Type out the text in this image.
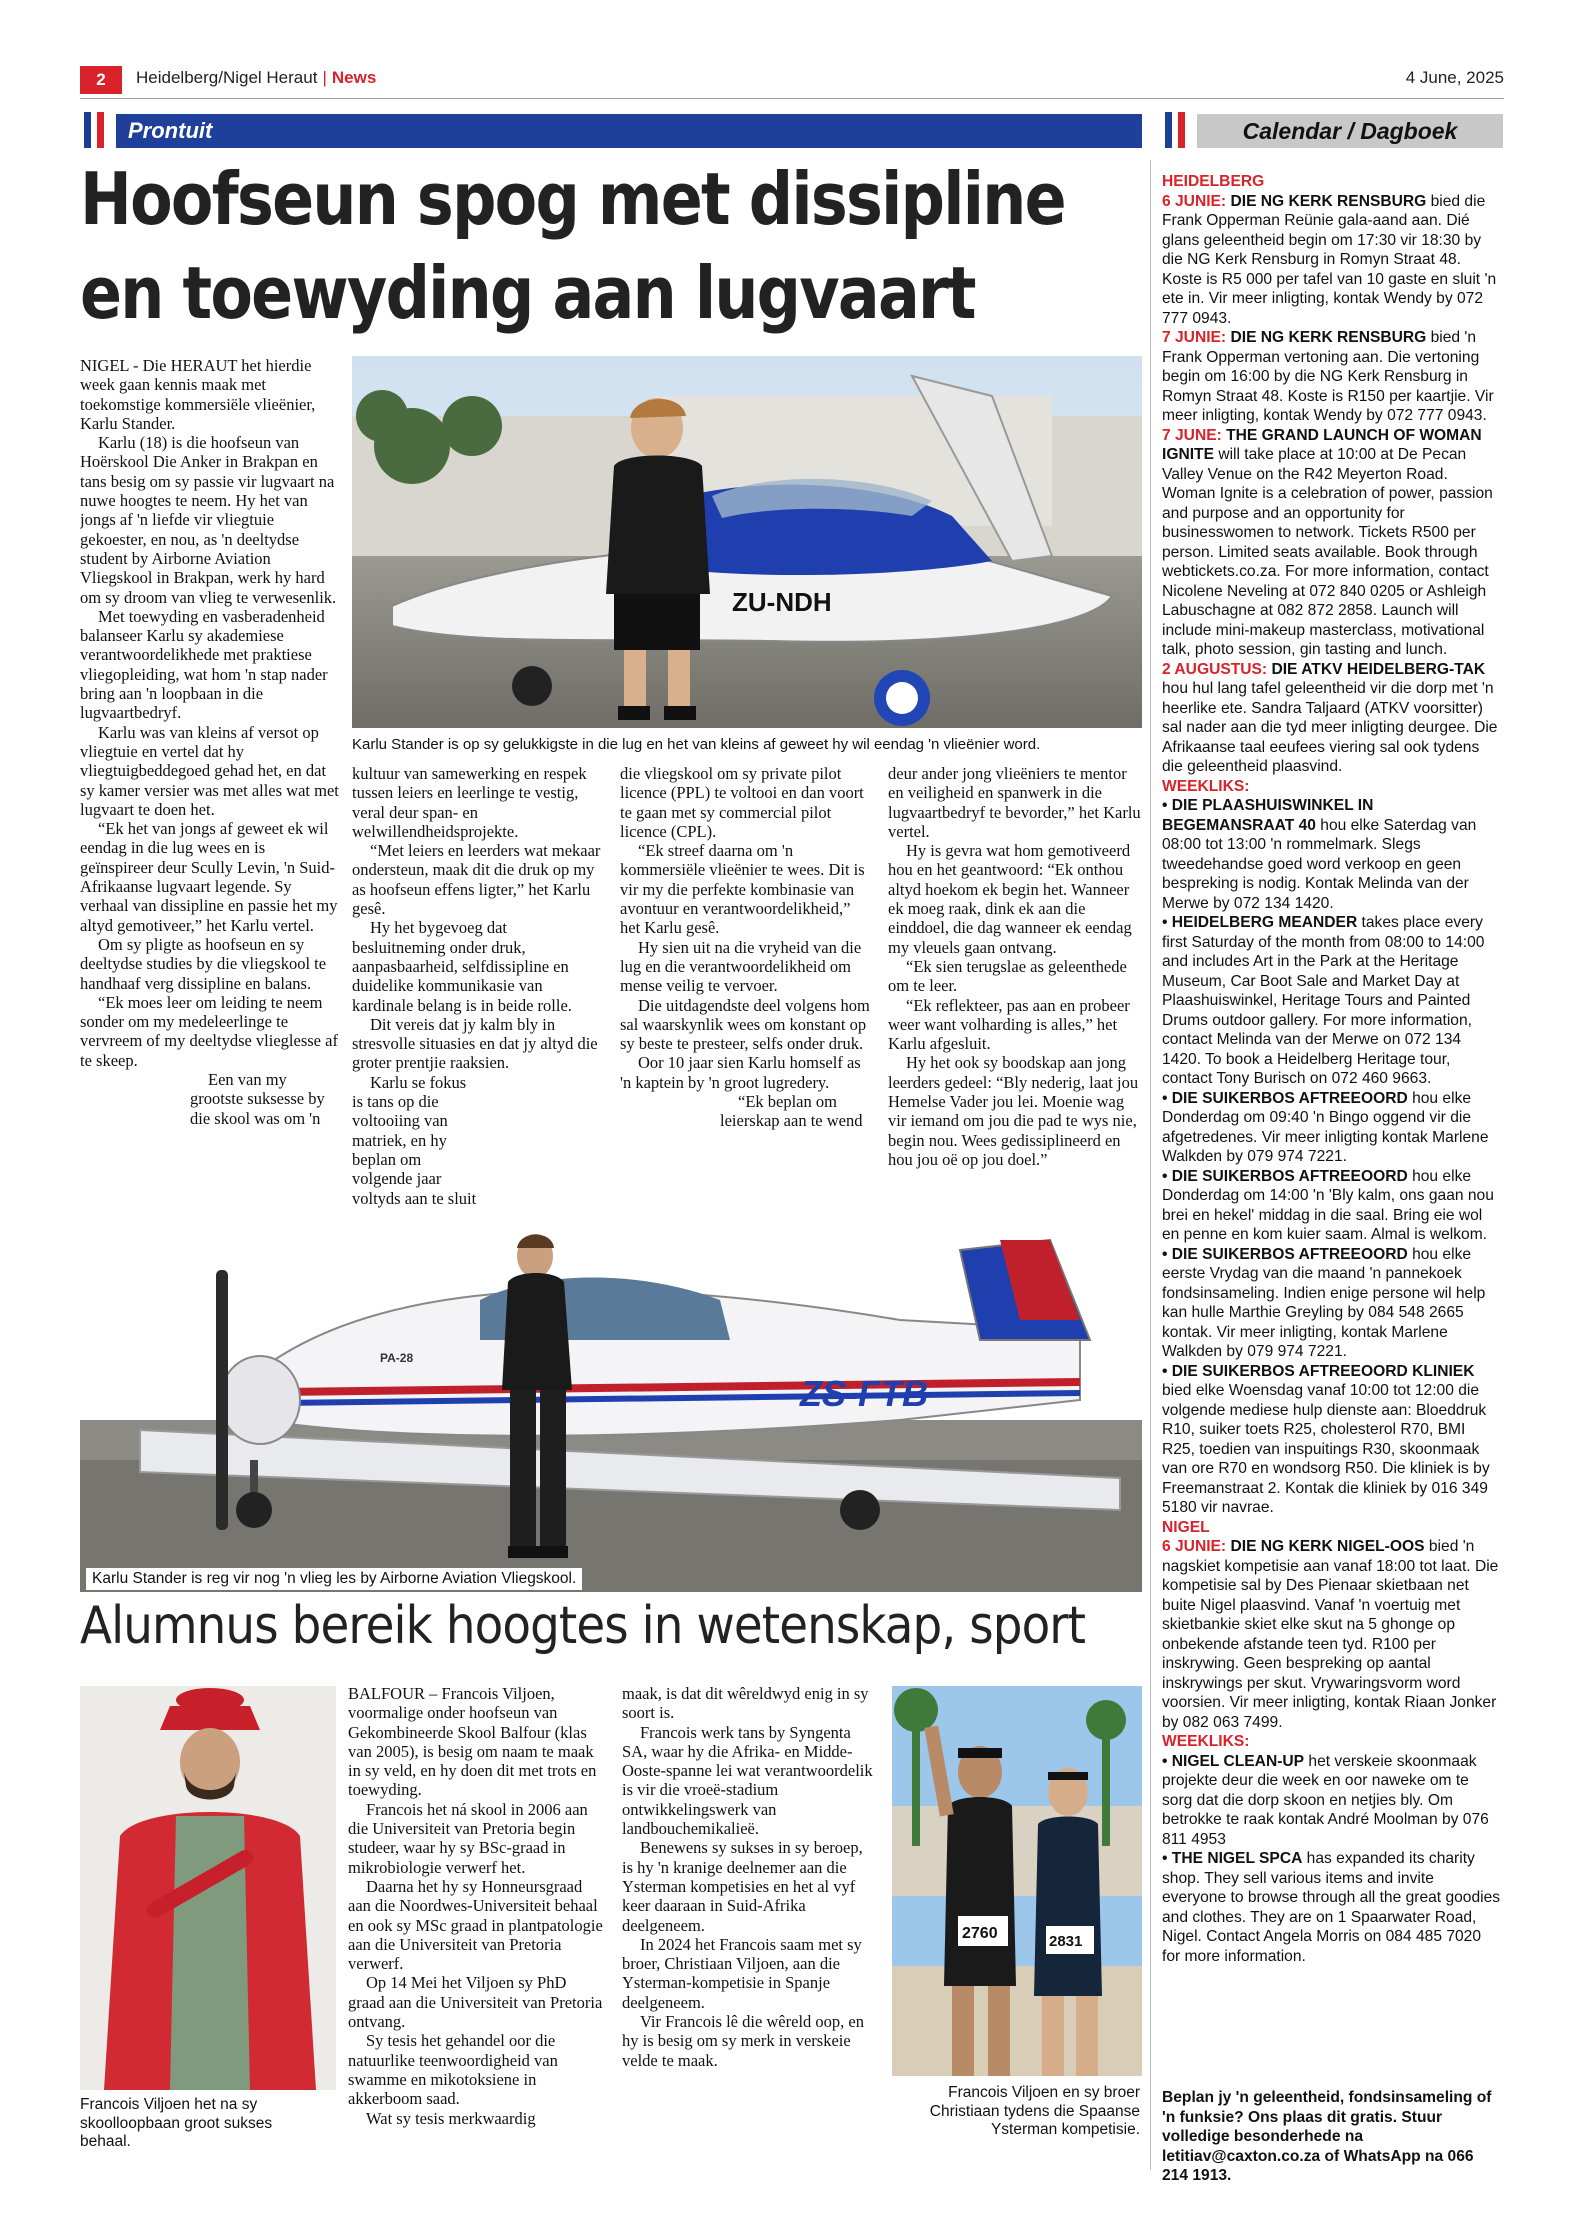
2	Heidelberg/Nigel Heraut | News	4 June, 2025
Prontuit	Calendar / Dagboek
Hoofseun spog met dissipline
en toewyding aan lugvaart

NIGEL - Die HERAUT het hierdie week gaan kennis maak met toekomstige kommersiële vlieënier, Karlu Stander.

Karlu (18) is die hoofseun van Hoërskool Die Anker in Brakpan en tans besig om sy passie vir lugvaart na nuwe hoogtes te neem. Hy het van jongs af 'n liefde vir vliegtuie gekoester, en nou, as 'n deeltydse student by Airborne Aviation Vliegskool in Brakpan, werk hy hard om sy droom van vlieg te verwesenlik.

Met toewyding en vasberadenheid balanseer Karlu sy akademiese verantwoordelikhede met praktiese vliegopleiding, wat hom 'n stap nader bring aan 'n loopbaan in die lugvaartbedryf.

Karlu was van kleins af versot op vliegtuie en vertel dat hy vliegtuigbeddegoed gehad het, en dat sy kamer versier was met alles wat met lugvaart te doen het.

“Ek het van jongs af geweet ek wil eendag in die lug wees en is geïnspireer deur Scully Levin, 'n Suid-Afrikaanse lugvaart legende. Sy verhaal van dissipline en passie het my altyd gemotiveer,” het Karlu vertel.

Om sy pligte as hoofseun en sy deeltydse studies by die vliegskool te handhaaf verg dissipline en balans.

“Ek moes leer om leiding te neem sonder om my medeleerlinge te vervreem of my deeltydse vlieglesse af te skeep.

Een van my grootste suksesse by die skool was om 'n

ZU-NDH
Karlu Stander is op sy gelukkigste in die lug en het van kleins af geweet hy wil eendag 'n vlieënier word.

kultuur van samewerking en respek tussen leiers en leerlinge te vestig, veral deur span- en welwillendheidsprojekte.

“Met leiers en leerders wat mekaar ondersteun, maak dit die druk op my as hoofseun effens ligter,” het Karlu gesê.

Hy het bygevoeg dat besluitneming onder druk, aanpasbaarheid, selfdissipline en duidelike kommunikasie van kardinale belang is in beide rolle.

Dit vereis dat jy kalm bly in stresvolle situasies en dat jy altyd die groter prentjie raaksien.

Karlu se fokus is tans op die voltooiing van matriek, en hy beplan om volgende jaar voltyds aan te sluit

die vliegskool om sy private pilot licence (PPL) te voltooi en dan voort te gaan met sy commercial pilot licence (CPL).

“Ek streef daarna om 'n kommersiële vlieënier te wees. Dit is vir my die perfekte kombinasie van avontuur en verantwoordelikheid,” het Karlu gesê.

Hy sien uit na die vryheid van die lug en die verantwoordelikheid om mense veilig te vervoer.

Die uitdagendste deel volgens hom sal waarskynlik wees om konstant op sy beste te presteer, selfs onder druk.

Oor 10 jaar sien Karlu homself as 'n kaptein by 'n groot lugredery.

“Ek beplan om leierskap aan te wend

deur ander jong vlieëniers te mentor en veiligheid en spanwerk in die lugvaartbedryf te bevorder,” het Karlu vertel.

Hy is gevra wat hom gemotiveerd hou en het geantwoord: “Ek onthou altyd hoekom ek begin het. Wanneer ek moeg raak, dink ek aan die einddoel, die dag wanneer ek eendag my vleuels gaan ontvang.

“Ek sien terugslae as geleenthede om te leer.

“Ek reflekteer, pas aan en probeer weer want volharding is alles,” het Karlu afgesluit.

Hy het ook sy boodskap aan jong leerders gedeel: “Bly nederig, laat jou Hemelse Vader jou lei. Moenie wag vir iemand om jou die pad te wys nie, begin nou. Wees gedissiplineerd en hou jou oë op jou doel.”

ZS-FTB
PA-28
Karlu Stander is reg vir nog 'n vlieg les by Airborne Aviation Vliegskool.
Alumnus bereik hoogtes in wetenskap, sport
Francois Viljoen het na sy skoolloopbaan groot sukses behaal.

BALFOUR – Francois Viljoen, voormalige onder hoofseun van Gekombineerde Skool Balfour (klas van 2005), is besig om naam te maak in sy veld, en hy doen dit met trots en toewyding.

Francois het ná skool in 2006 aan die Universiteit van Pretoria begin studeer, waar hy sy BSc-graad in mikrobiologie verwerf het.

Daarna het hy sy Honneursgraad aan die Noordwes-Universiteit behaal en ook sy MSc graad in plantpatologie aan die Universiteit van Pretoria verwerf.

Op 14 Mei het Viljoen sy PhD graad aan die Universiteit van Pretoria ontvang.

Sy tesis het gehandel oor die natuurlike teenwoordigheid van swamme en mikotoksiene in akkerboom saad.

Wat sy tesis merkwaardig

maak, is dat dit wêreldwyd enig in sy soort is.

Francois werk tans by Syngenta SA, waar hy die Afrika- en Midde-Ooste-spanne lei wat verantwoordelik is vir die vroeë-stadium ontwikkelingswerk van landbouchemikalieë.

Benewens sy sukses in sy beroep, is hy 'n kranige deelnemer aan die Ysterman kompetisies en het al vyf keer daaraan in Suid-Afrika deelgeneem.

In 2024 het Francois saam met sy broer, Christiaan Viljoen, aan die Ysterman-kompetisie in Spanje deelgeneem.

Vir Francois lê die wêreld oop, en hy is besig om sy merk in verskeie velde te maak.

2760	2831
Francois Viljoen en sy broer Christiaan tydens die Spaanse Ysterman kompetisie.
HEIDELBERG
6 JUNIE: DIE NG KERK RENSBURG bied die Frank Opperman Reünie gala-aand aan. Dié glans geleentheid begin om 17:30 vir 18:30 by die NG Kerk Rensburg in Romyn Straat 48. Koste is R5 000 per tafel van 10 gaste en sluit 'n ete in. Vir meer inligting, kontak Wendy by 072 777 0943.
7 JUNIE: DIE NG KERK RENSBURG bied 'n Frank Opperman vertoning aan. Die vertoning begin om 16:00 by die NG Kerk Rensburg in Romyn Straat 48. Koste is R150 per kaartjie. Vir meer inligting, kontak Wendy by 072 777 0943.
7 JUNE: THE GRAND LAUNCH OF WOMAN IGNITE will take place at 10:00 at De Pecan Valley Venue on the R42 Meyerton Road. Woman Ignite is a celebration of power, passion and purpose and an opportunity for businesswomen to network. Tickets R500 per person. Limited seats available. Book through webtickets.co.za. For more information, contact Nicolene Neveling at 072 840 0205 or Ashleigh Labuschagne at 082 872 2858. Launch will include mini-makeup masterclass, motivational talk, photo session, gin tasting and lunch.
2 AUGUSTUS: DIE ATKV HEIDELBERG-TAK hou hul lang tafel geleentheid vir die dorp met 'n heerlike ete. Sandra Taljaard (ATKV voorsitter) sal nader aan die tyd meer inligting deurgee. Die Afrikaanse taal eeufees viering sal ook tydens die geleentheid plaasvind.
WEEKLIKS:
• DIE PLAASHUISWINKEL IN BEGEMANSRAAT 40 hou elke Saterdag van 08:00 tot 13:00 'n rommelmark. Slegs tweedehandse goed word verkoop en geen bespreking is nodig. Kontak Melinda van der Merwe by 072 134 1420.
• HEIDELBERG MEANDER takes place every first Saturday of the month from 08:00 to 14:00 and includes Art in the Park at the Heritage Museum, Car Boot Sale and Market Day at Plaashuiswinkel, Heritage Tours and Painted Drums outdoor gallery. For more information, contact Melinda van der Merwe on 072 134 1420. To book a Heidelberg Heritage tour, contact Tony Burisch on 072 460 9663.
• DIE SUIKERBOS AFTREEOORD hou elke Donderdag om 09:40 'n Bingo oggend vir die afgetredenes. Vir meer inligting kontak Marlene Walkden by 079 974 7221.
• DIE SUIKERBOS AFTREEOORD hou elke Donderdag om 14:00 'n 'Bly kalm, ons gaan nou brei en hekel' middag in die saal. Bring eie wol en penne en kom kuier saam. Almal is welkom.
• DIE SUIKERBOS AFTREEOORD hou elke eerste Vrydag van die maand 'n pannekoek fondsinsameling. Indien enige persone wil help kan hulle Marthie Greyling by 084 548 2665 kontak. Vir meer inligting, kontak Marlene Walkden by 079 974 7221.
• DIE SUIKERBOS AFTREEOORD KLINIEK bied elke Woensdag vanaf 10:00 tot 12:00 die volgende mediese hulp dienste aan: Bloeddruk R10, suiker toets R25, cholesterol R70, BMI R25, toedien van inspuitings R30, skoonmaak van ore R70 en wondsorg R50. Die kliniek is by Freemanstraat 2. Kontak die kliniek by 016 349 5180 vir navrae.
NIGEL
6 JUNIE: DIE NG KERK NIGEL-OOS bied 'n nagskiet kompetisie aan vanaf 18:00 tot laat. Die kompetisie sal by Des Pienaar skietbaan net buite Nigel plaasvind. Vanaf 'n voertuig met skietbankie skiet elke skut na 5 ghonge op onbekende afstande teen tyd. R100 per inskrywing. Geen bespreking op aantal inskrywings per skut. Vrywaringsvorm word voorsien. Vir meer inligting, kontak Riaan Jonker by 082 063 7499.
WEEKLIKS:
• NIGEL CLEAN-UP het verskeie skoonmaak projekte deur die week en oor naweke om te sorg dat die dorp skoon en netjies bly. Om betrokke te raak kontak André Moolman by 076 811 4953
• THE NIGEL SPCA has expanded its charity shop. They sell various items and invite everyone to browse through all the great goodies and clothes. They are on 1 Spaarwater Road, Nigel. Contact Angela Morris on 084 485 7020 for more information.
Beplan jy 'n geleentheid, fondsinsameling of 'n funksie? Ons plaas dit gratis. Stuur volledige besonderhede na letitiav@caxton.co.za of WhatsApp na 066 214 1913.
